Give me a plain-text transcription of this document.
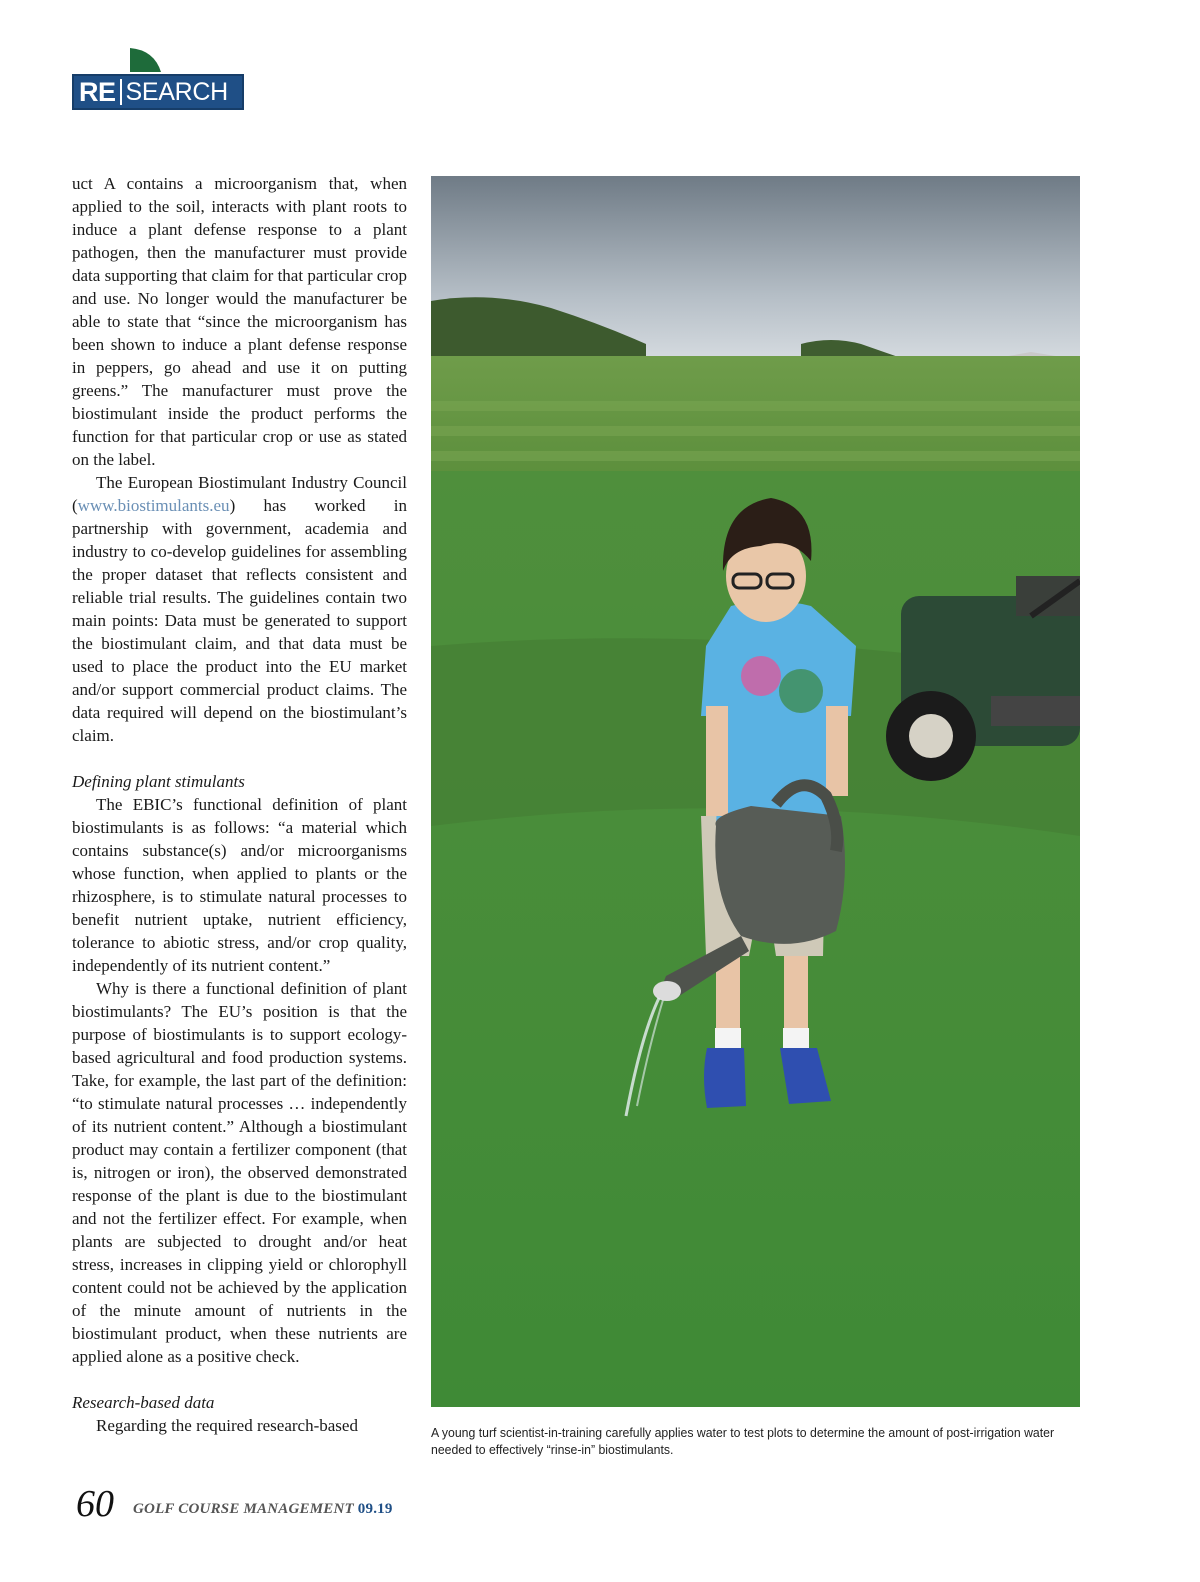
RE SEARCH

uct A contains a microorganism that, when applied to the soil, interacts with plant roots to induce a plant defense response to a plant pathogen, then the manufacturer must provide data supporting that claim for that particular crop and use. No longer would the manufacturer be able to state that “since the microorganism has been shown to induce a plant defense response in peppers, go ahead and use it on putting greens.” The manufacturer must prove the biostimulant inside the product performs the function for that particular crop or use as stated on the label.

The European Biostimulant Industry Council (www.biostimulants.eu) has worked in partnership with government, academia and industry to co-develop guidelines for assembling the proper dataset that reflects consistent and reliable trial results. The guidelines contain two main points: Data must be generated to support the biostimulant claim, and that data must be used to place the product into the EU market and/or support commercial product claims. The data required will depend on the biostimulant’s claim.

Defining plant stimulants

The EBIC’s functional definition of plant biostimulants is as follows: “a material which contains substance(s) and/or microorganisms whose function, when applied to plants or the rhizosphere, is to stimulate natural processes to benefit nutrient uptake, nutrient efficiency, tolerance to abiotic stress, and/or crop quality, independently of its nutrient content.”

Why is there a functional definition of plant biostimulants? The EU’s position is that the purpose of biostimulants is to support ecology-based agricultural and food production systems. Take, for example, the last part of the definition: “to stimulate natural processes … independently of its nutrient content.” Although a biostimulant product may contain a fertilizer component (that is, nitrogen or iron), the observed demonstrated response of the plant is due to the biostimulant and not the fertilizer effect. For example, when plants are subjected to drought and/or heat stress, increases in clipping yield or chlorophyll content could not be achieved by the application of the minute amount of nutrients in the biostimulant product, when these nutrients are applied alone as a positive check.

Research-based data

Regarding the required research-based	A young turf scientist-in-training carefully applies water to test plots to determine the amount of post-irrigation water needed to effectively “rinse-in” biostimulants.
60 GOLF COURSE MANAGEMENT 09.19
